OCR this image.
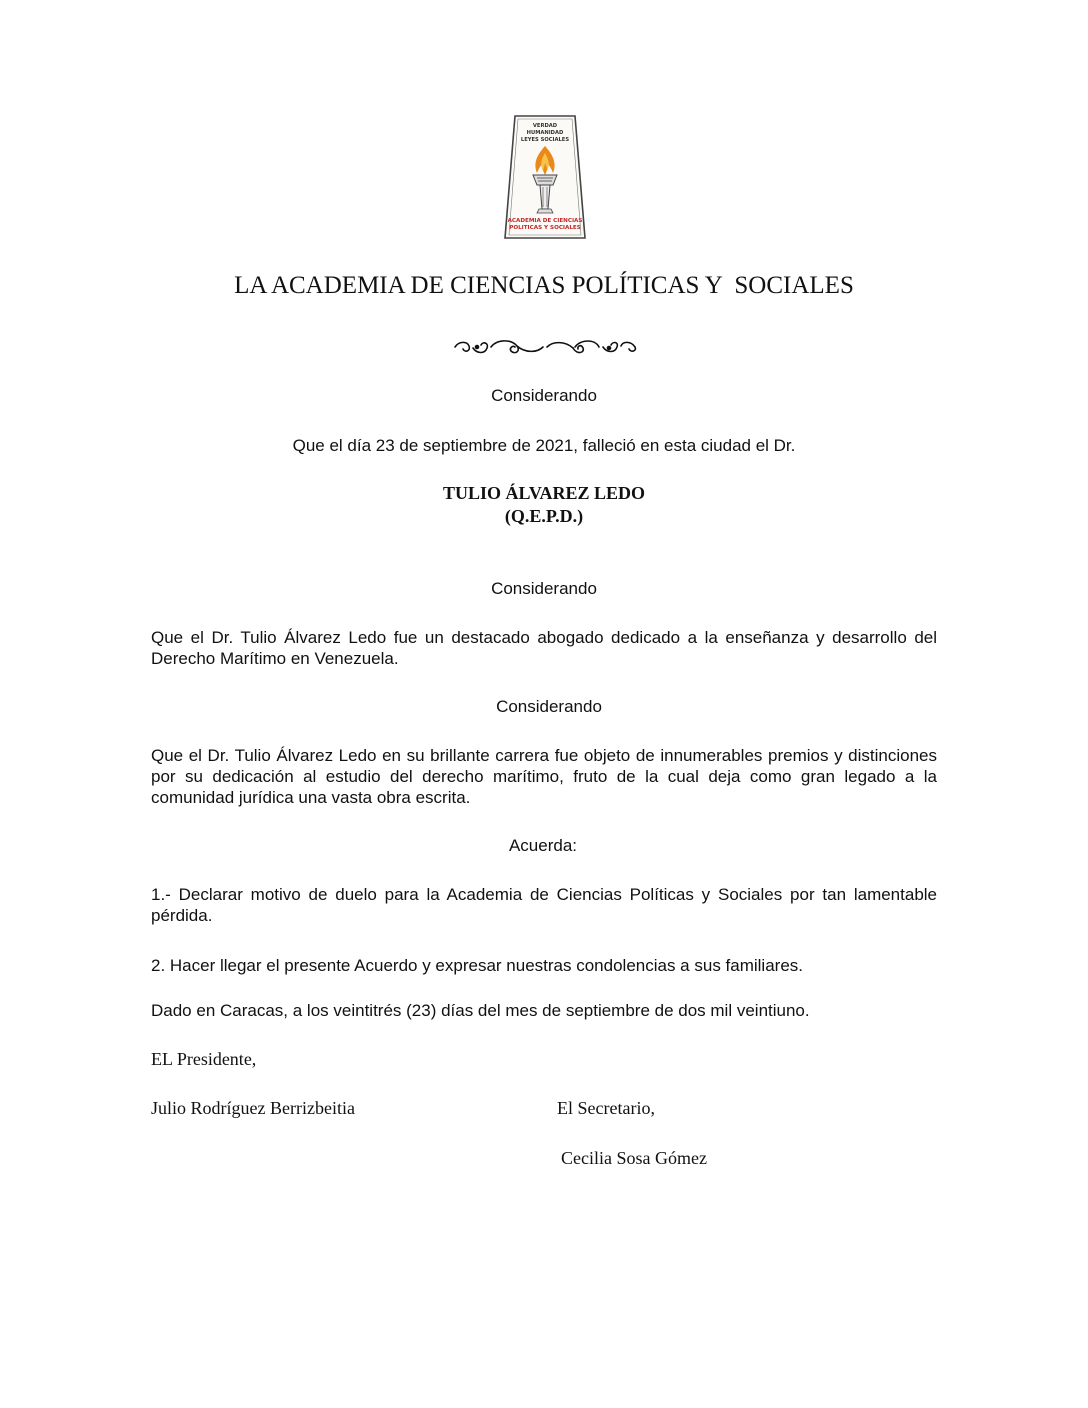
VERDAD
HUMANIDAD
LEYES SOCIALES
ACADEMIA DE CIENCIAS
POLITICAS Y SOCIALES
LA ACADEMIA DE CIENCIAS POLÍTICAS Y  SOCIALES
Considerando
Que el día 23 de septiembre de 2021, falleció en esta ciudad el Dr.
TULIO ÁLVAREZ LEDO
(Q.E.P.D.)
Considerando
Que el Dr. Tulio Álvarez Ledo fue un destacado abogado dedicado a la enseñanza y desarrollo del Derecho Marítimo en Venezuela.
Considerando
Que el Dr. Tulio Álvarez Ledo en su brillante carrera fue objeto de innumerables premios y distinciones por su dedicación al estudio del derecho marítimo, fruto de la cual deja como gran legado a la comunidad jurídica una vasta obra escrita.
Acuerda:
1.- Declarar motivo de duelo para la Academia de Ciencias Políticas y Sociales por tan lamentable pérdida.
2. Hacer llegar el presente Acuerdo y expresar nuestras condolencias a sus familiares.
Dado en Caracas, a los veintitrés (23) días del mes de septiembre de dos mil veintiuno.
EL Presidente,
Julio Rodríguez Berrizbeitia	El Secretario,
Cecilia Sosa Gómez
